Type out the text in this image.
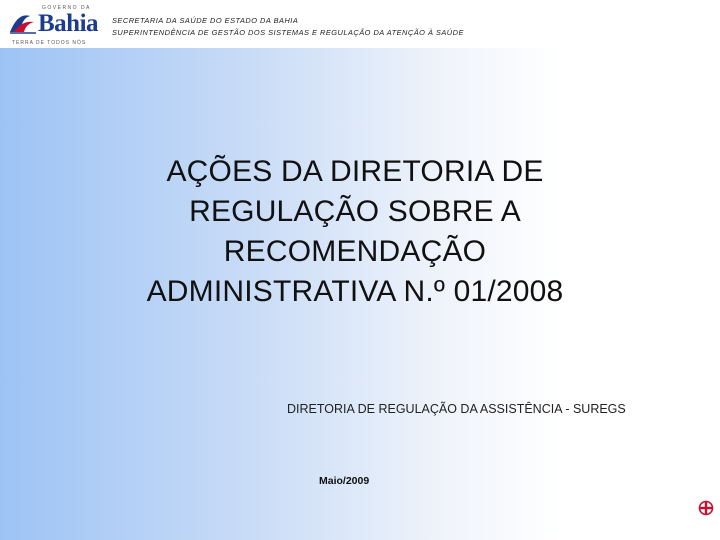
GOVERNO DA
Bahia
TERRA DE TODOS NÓS
SECRETARIA DA SAÚDE DO ESTADO DA BAHIA
SUPERINTENDÊNCIA DE GESTÃO DOS SISTEMAS E REGULAÇÃO DA ATENÇÃO À SAÚDE
AÇÕES DA DIRETORIA DE
REGULAÇÃO SOBRE A
RECOMENDAÇÃO
ADMINISTRATIVA N.º 01/2008
DIRETORIA DE REGULAÇÃO DA ASSISTÊNCIA - SUREGS
Maio/2009
